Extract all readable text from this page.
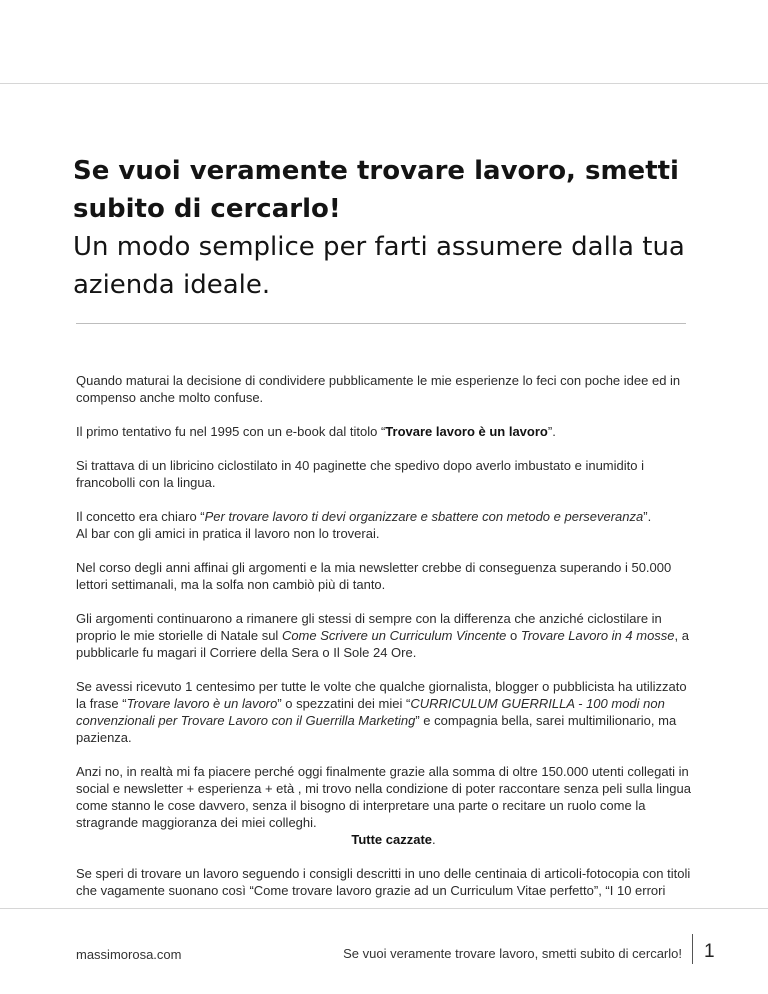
Se vuoi veramente trovare lavoro, smetti subito di cercarlo!
Un modo semplice per farti assumere dalla tua azienda ideale.

Quando maturai la decisione di condividere pubblicamente le mie esperienze lo feci con poche idee ed in compenso anche molto confuse.

Il primo tentativo fu nel 1995 con un e-book dal titolo “Trovare lavoro è un lavoro”.

Si trattava di un libricino ciclostilato in 40 paginette che spedivo dopo averlo imbustato e inumidito i francobolli con la lingua.

Il concetto era chiaro “Per trovare lavoro ti devi organizzare e sbattere con metodo e perseveranza”.
Al bar con gli amici in pratica il lavoro non lo troverai.

Nel corso degli anni affinai gli argomenti e la mia newsletter crebbe di conseguenza superando i 50.000 lettori settimanali, ma la solfa non cambiò più di tanto.

Gli argomenti continuarono a rimanere gli stessi di sempre con la differenza che anziché ciclostilare in proprio le mie storielle di Natale sul Come Scrivere un Curriculum Vincente o Trovare Lavoro in 4 mosse, a pubblicarle fu magari il Corriere della Sera o Il Sole 24 Ore.

Se avessi ricevuto 1 centesimo per tutte le volte che qualche giornalista, blogger o pubblicista ha utilizzato la frase “Trovare lavoro è un lavoro” o spezzatini dei miei “CURRICULUM GUERRILLA - 100 modi non convenzionali per Trovare Lavoro con il Guerrilla Marketing” e compagnia bella, sarei multimilionario, ma pazienza.

Anzi no, in realtà mi fa piacere perché oggi finalmente grazie alla somma di oltre 150.000 utenti collegati in social e newsletter + esperienza + età , mi trovo nella condizione di poter raccontare senza peli sulla lingua come stanno le cose davvero, senza il bisogno di interpretare una parte o recitare un ruolo come la stragrande maggioranza dei miei colleghi.
Tutte cazzate.

Se speri di trovare un lavoro seguendo i consigli descritti in uno delle centinaia di articoli-fotocopia con titoli che vagamente suonano così “Come trovare lavoro grazie ad un Curriculum Vitae perfetto”, “I 10 errori

massimorosa.com	Se vuoi veramente trovare lavoro, smetti subito di cercarlo! 1
